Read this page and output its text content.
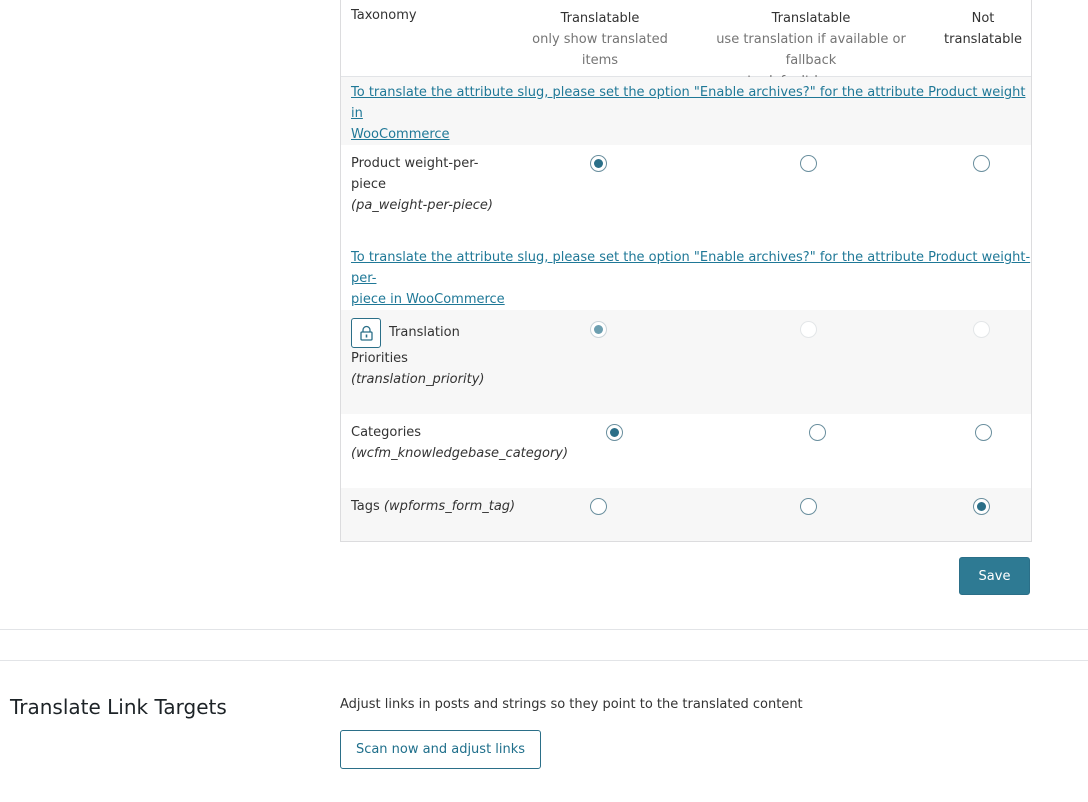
Taxonomy	Translatable
only show translated
items
Translatable
use translation if available or fallback
Not
translatable
To translate the attribute slug, please set the option "Enable archives?" for the attribute Product weight in
WooCommerce
Product weight-per-
piece
(pa_weight-per-piece)
To translate the attribute slug, please set the option "Enable archives?" for the attribute Product weight-per-
piece in WooCommerce
Translation
Priorities
(translation_priority)
Categories
(wcfm_knowledgebase_category)
Tags (wpforms_form_tag)
Save
Translate Link Targets	Adjust links in posts and strings so they point to the translated content
Scan now and adjust links
